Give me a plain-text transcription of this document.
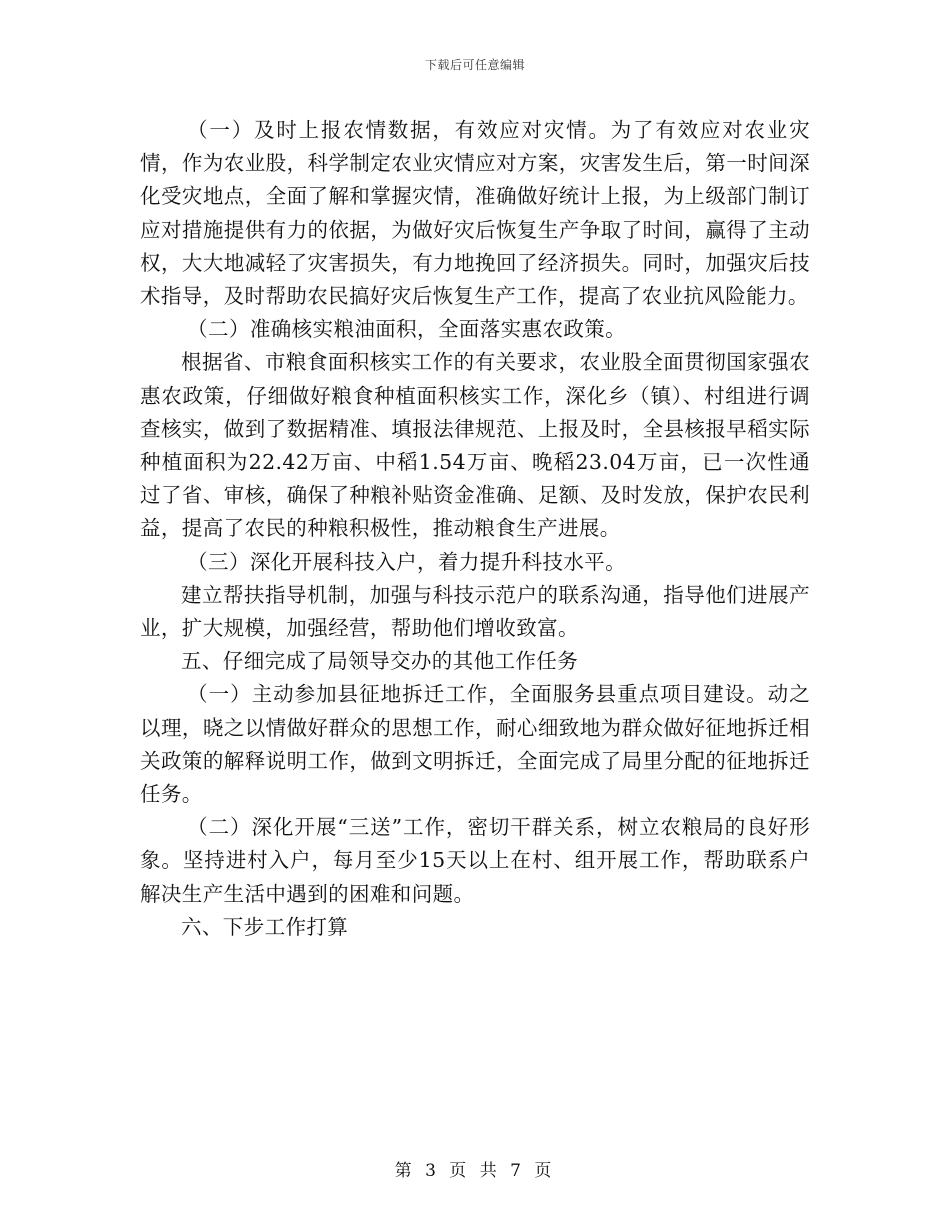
下载后可任意编辑

（一）及时上报农情数据，有效应对灾情。为了有效应对农业灾情，作为农业股，科学制定农业灾情应对方案，灾害发生后，第一时间深化受灾地点，全面了解和掌握灾情，准确做好统计上报，为上级部门制订应对措施提供有力的依据，为做好灾后恢复生产争取了时间，赢得了主动权，大大地减轻了灾害损失，有力地挽回了经济损失。同时，加强灾后技术指导，及时帮助农民搞好灾后恢复生产工作，提高了农业抗风险能力。

（二）准确核实粮油面积，全面落实惠农政策。

根据省、市粮食面积核实工作的有关要求，农业股全面贯彻国家强农惠农政策，仔细做好粮食种植面积核实工作，深化乡（镇）、村组进行调查核实，做到了数据精准、填报法律规范、上报及时，全县核报早稻实际种植面积为22.42万亩、中稻1.54万亩、晚稻23.04万亩，已一次性通过了省、审核，确保了种粮补贴资金准确、足额、及时发放，保护农民利益，提高了农民的种粮积极性，推动粮食生产进展。

（三）深化开展科技入户，着力提升科技水平。

建立帮扶指导机制，加强与科技示范户的联系沟通，指导他们进展产业，扩大规模，加强经营，帮助他们增收致富。

五、仔细完成了局领导交办的其他工作任务

（一）主动参加县征地拆迁工作，全面服务县重点项目建设。动之以理，晓之以情做好群众的思想工作，耐心细致地为群众做好征地拆迁相关政策的解释说明工作，做到文明拆迁，全面完成了局里分配的征地拆迁任务。

（二）深化开展“三送”工作，密切干群关系，树立农粮局的良好形象。坚持进村入户，每月至少15天以上在村、组开展工作，帮助联系户解决生产生活中遇到的困难和问题。

六、下步工作打算

第 3 页 共 7 页
